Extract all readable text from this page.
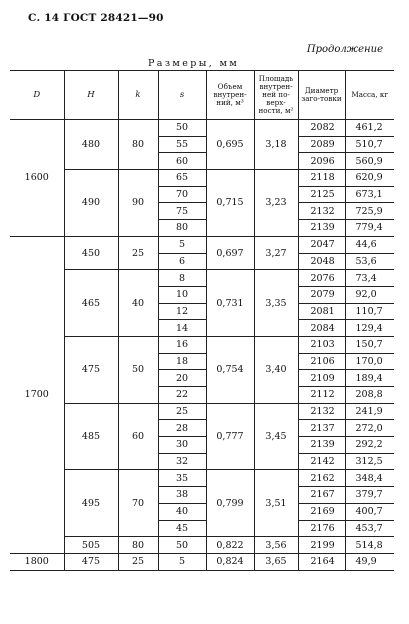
С. 14 ГОСТ 28421—90
Продолжение
Размеры, мм
D	H	k	s	Объем внутрен-ний, м³	Площадь внутрен-ней по-верх-ности, м²	Диаметр заго-товки	Масса, кг
1600	480	80	50	0,695	3,18	2082	461,2
			55			2089	510,7
			60			2096	560,9
	490	90	65	0,715	3,23	2118	620,9
			70			2125	673,1
			75			2132	725,9
			80			2139	779,4
1700	450	25	5	0,697	3,27	2047	44,6
			6			2048	53,6
	465	40	8	0,731	3,35	2076	73,4
			10			2079	92,0
			12			2081	110,7
			14			2084	129,4
	475	50	16	0,754	3,40	2103	150,7
			18			2106	170,0
			20			2109	189,4
			22			2112	208,8
	485	60	25	0,777	3,45	2132	241,9
			28			2137	272,0
			30			2139	292,2
			32			2142	312,5
	495	70	35	0,799	3,51	2162	348,4
			38			2167	379,7
			40			2169	400,7
			45			2176	453,7
	505	80	50	0,822	3,56	2199	514,8
1800	475	25	5	0,824	3,65	2164	49,9
